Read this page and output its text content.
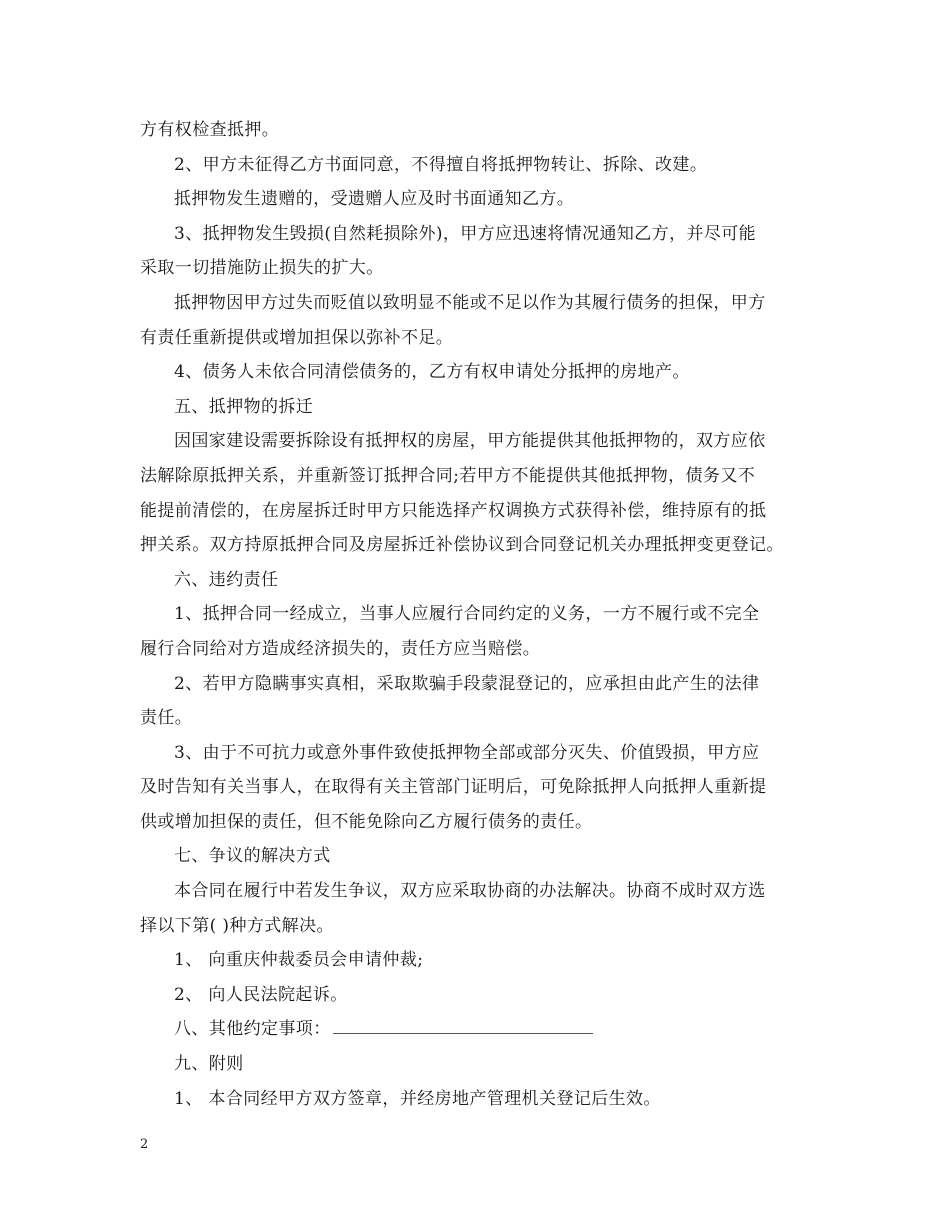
方有权检查抵押。
2、甲方未征得乙方书面同意，不得擅自将抵押物转让、拆除、改建。
抵押物发生遗赠的，受遗赠人应及时书面通知乙方。
3、抵押物发生毁损(自然耗损除外)，甲方应迅速将情况通知乙方，并尽可能
采取一切措施防止损失的扩大。
抵押物因甲方过失而贬值以致明显不能或不足以作为其履行债务的担保，甲方
有责任重新提供或增加担保以弥补不足。
4、债务人未依合同清偿债务的，乙方有权申请处分抵押的房地产。
五、抵押物的拆迁
因国家建设需要拆除设有抵押权的房屋，甲方能提供其他抵押物的，双方应依
法解除原抵押关系，并重新签订抵押合同;若甲方不能提供其他抵押物，债务又不
能提前清偿的，在房屋拆迁时甲方只能选择产权调换方式获得补偿，维持原有的抵
押关系。双方持原抵押合同及房屋拆迁补偿协议到合同登记机关办理抵押变更登记。
六、违约责任
1、抵押合同一经成立，当事人应履行合同约定的义务，一方不履行或不完全
履行合同给对方造成经济损失的，责任方应当赔偿。
2、若甲方隐瞒事实真相，采取欺骗手段蒙混登记的，应承担由此产生的法律
责任。
3、由于不可抗力或意外事件致使抵押物全部或部分灭失、价值毁损，甲方应
及时告知有关当事人，在取得有关主管部门证明后，可免除抵押人向抵押人重新提
供或增加担保的责任，但不能免除向乙方履行债务的责任。
七、争议的解决方式
本合同在履行中若发生争议，双方应采取协商的办法解决。协商不成时双方选
择以下第( )种方式解决。
1、 向重庆仲裁委员会申请仲裁;
2、 向人民法院起诉。
八、其他约定事项：
九、附则
1、 本合同经甲方双方签章，并经房地产管理机关登记后生效。
2
